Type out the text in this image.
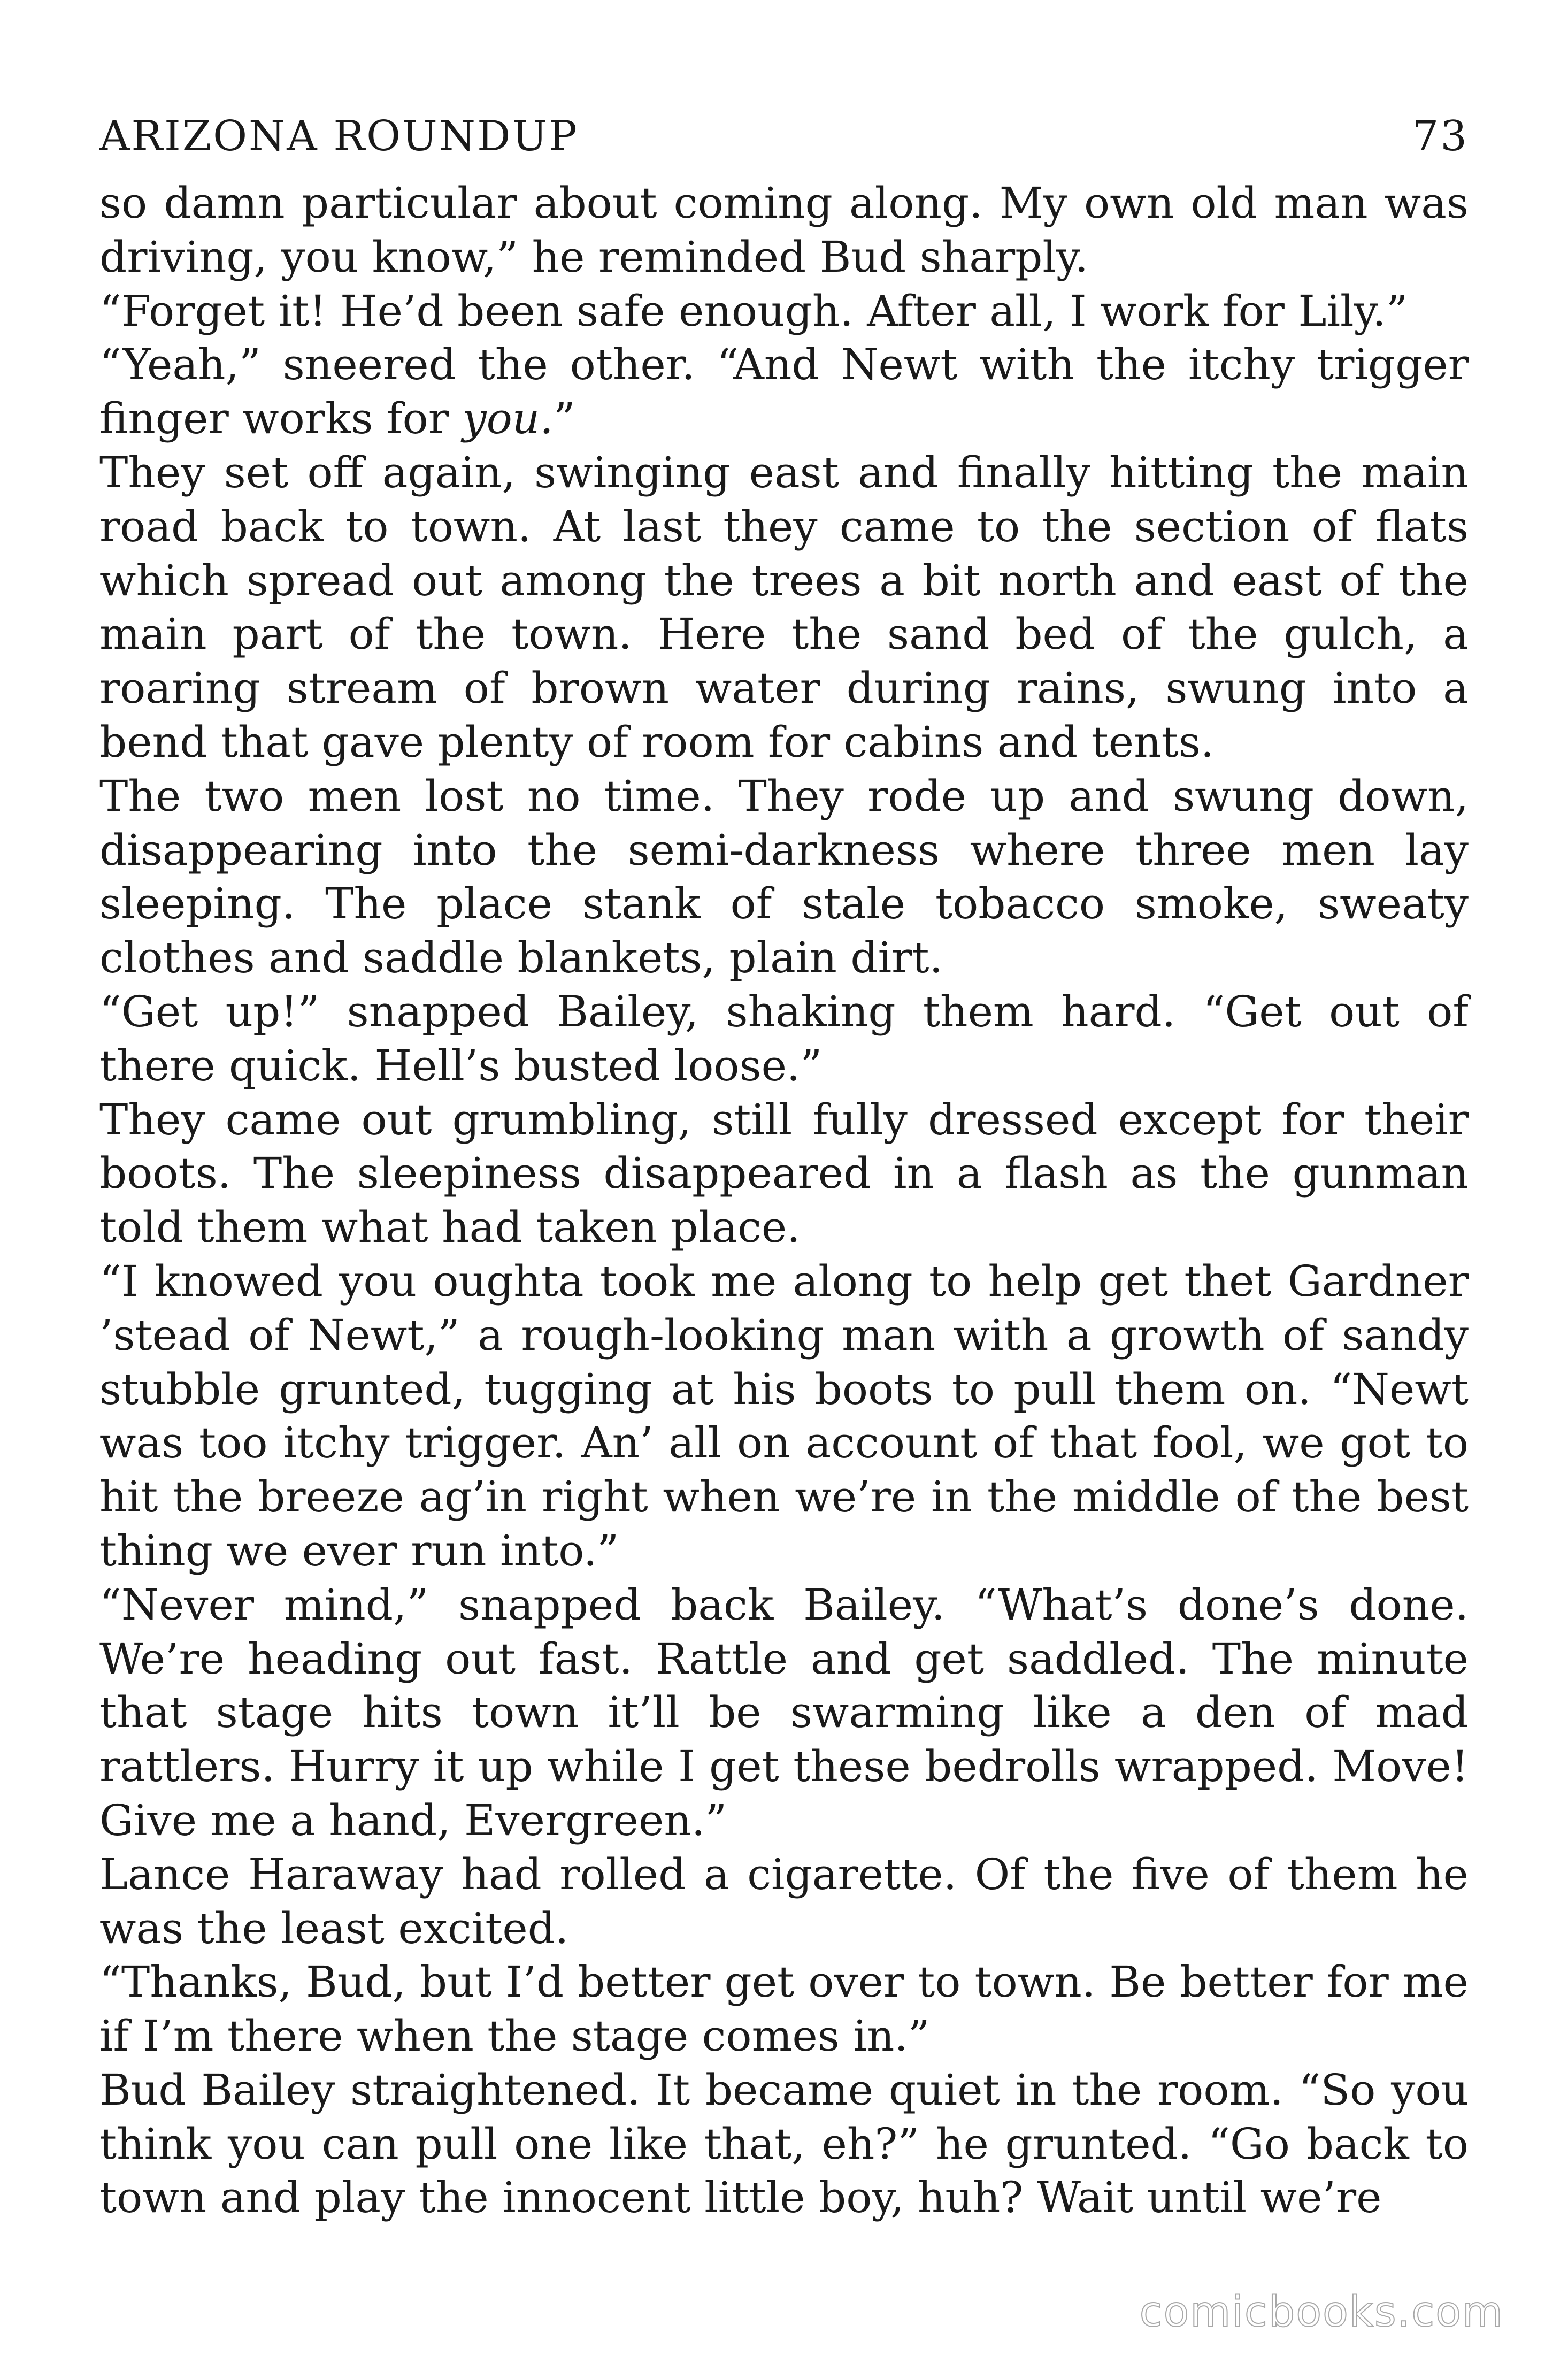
ARIZONA ROUNDUP	73

so damn particular about coming along. My own old man was driving, you know,” he reminded Bud sharply.

“Forget it! He’d been safe enough. After all, I work for Lily.”

“Yeah,” sneered the other. “And Newt with the itchy trigger finger works for you.”

They set off again, swinging east and finally hitting the main road back to town. At last they came to the section of flats which spread out among the trees a bit north and east of the main part of the town. Here the sand bed of the gulch, a roaring stream of brown water during rains, swung into a bend that gave plenty of room for cabins and tents.

The two men lost no time. They rode up and swung down, disappearing into the semi-darkness where three men lay sleeping. The place stank of stale tobacco smoke, sweaty clothes and saddle blankets, plain dirt.

“Get up!” snapped Bailey, shaking them hard. “Get out of there quick. Hell’s busted loose.”

They came out grumbling, still fully dressed except for their boots. The sleepiness disappeared in a flash as the gunman told them what had taken place.

“I knowed you oughta took me along to help get thet Gardner ’stead of Newt,” a rough-looking man with a growth of sandy stubble grunted, tugging at his boots to pull them on. “Newt was too itchy trigger. An’ all on account of that fool, we got to hit the breeze ag’in right when we’re in the middle of the best thing we ever run into.”

“Never mind,” snapped back Bailey. “What’s done’s done. We’re heading out fast. Rattle and get saddled. The minute that stage hits town it’ll be swarming like a den of mad rattlers. Hurry it up while I get these bedrolls wrapped. Move! Give me a hand, Evergreen.”

Lance Haraway had rolled a cigarette. Of the five of them he was the least excited.

“Thanks, Bud, but I’d better get over to town. Be better for me if I’m there when the stage comes in.”

Bud Bailey straightened. It became quiet in the room. “So you think you can pull one like that, eh?” he grunted. “Go back to town and play the innocent little boy, huh? Wait until we’re

comicbooks.com
